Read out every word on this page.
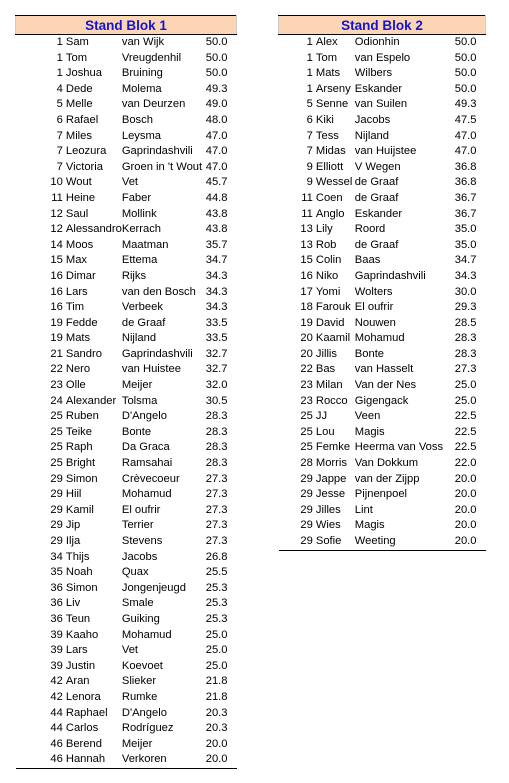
Stand Blok 1			
1	Sam	van Wijk	50.0
1	Tom	Vreugdenhil	50.0
1	Joshua	Bruining	50.0
4	Dede	Molema	49.3
5	Melle	van Deurzen	49.0
6	Rafael	Bosch	48.0
7	Miles	Leysma	47.0
7	Leozura	Gaprindashvili	47.0
7	Victoria	Groen in 't Wout	47.0
10	Wout	Vet	45.7
11	Heine	Faber	44.8
12	Saul	Mollink	43.8
12	Alessandro	Kerrach	43.8
14	Moos	Maatman	35.7
15	Max	Ettema	34.7
16	Dimar	Rijks	34.3
16	Lars	van den Bosch	34.3
16	Tim	Verbeek	34.3
19	Fedde	de Graaf	33.5
19	Mats	Nijland	33.5
21	Sandro	Gaprindashvili	32.7
22	Nero	van Huistee	32.7
23	Olle	Meijer	32.0
24	Alexander	Tolsma	30.5
25	Ruben	D'Angelo	28.3
25	Teike	Bonte	28.3
25	Raph	Da Graca	28.3
25	Bright	Ramsahai	28.3
29	Simon	Crèvecoeur	27.3
29	Hiil	Mohamud	27.3
29	Kamil	El oufrir	27.3
29	Jip	Terrier	27.3
29	Ilja	Stevens	27.3
34	Thijs	Jacobs	26.8
35	Noah	Quax	25.5
36	Simon	Jongenjeugd	25.3
36	Liv	Smale	25.3
36	Teun	Guiking	25.3
39	Kaaho	Mohamud	25.0
39	Lars	Vet	25.0
39	Justin	Koevoet	25.0
42	Aran	Slieker	21.8
42	Lenora	Rumke	21.8
44	Raphael	D'Angelo	20.3
44	Carlos	Rodríguez	20.3
46	Berend	Meijer	20.0
46	Hannah	Verkoren	20.0
Stand Blok 2			
1	Alex	Odionhin	50.0
1	Tom	van Espelo	50.0
1	Mats	Wilbers	50.0
1	Arseny	Eskander	50.0
5	Senne	van Suilen	49.3
6	Kiki	Jacobs	47.5
7	Tess	Nijland	47.0
7	Midas	van Huijstee	47.0
9	Elliott	V Wegen	36.8
9	Wessel	de Graaf	36.8
11	Coen	de Graaf	36.7
11	Anglo	Eskander	36.7
13	Lily	Roord	35.0
13	Rob	de Graaf	35.0
15	Colin	Baas	34.7
16	Niko	Gaprindashvili	34.3
17	Yomi	Wolters	30.0
18	Farouk	El oufrir	29.3
19	David	Nouwen	28.5
20	Kaamil	Mohamud	28.3
20	Jillis	Bonte	28.3
22	Bas	van Hasselt	27.3
23	Milan	Van der Nes	25.0
23	Rocco	Gigengack	25.0
25	JJ	Veen	22.5
25	Lou	Magis	22.5
25	Femke	Heerma van Voss	22.5
28	Morris	Van Dokkum	22.0
29	Jappe	van der Zijpp	20.0
29	Jesse	Pijnenpoel	20.0
29	Jilles	Lint	20.0
29	Wies	Magis	20.0
29	Sofie	Weeting	20.0
